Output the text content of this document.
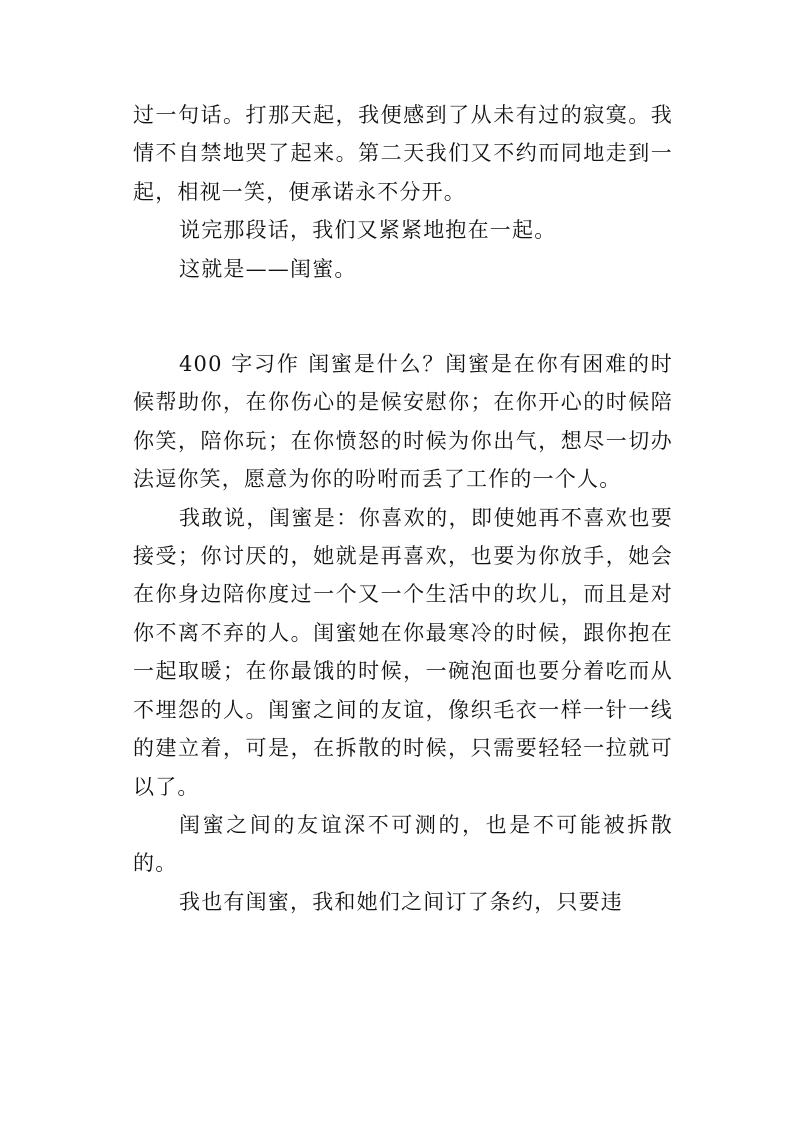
过一句话。打那天起，我便感到了从未有过的寂寞。我情不自禁地哭了起来。第二天我们又不约而同地走到一起，相视一笑，便承诺永不分开。

说完那段话，我们又紧紧地抱在一起。

这就是——闺蜜。

400 字习作 闺蜜是什么？闺蜜是在你有困难的时候帮助你，在你伤心的是候安慰你；在你开心的时候陪你笑，陪你玩；在你愤怒的时候为你出气，想尽一切办法逗你笑，愿意为你的吩咐而丢了工作的一个人。

我敢说，闺蜜是：你喜欢的，即使她再不喜欢也要接受；你讨厌的，她就是再喜欢，也要为你放手，她会在你身边陪你度过一个又一个生活中的坎儿，而且是对你不离不弃的人。闺蜜她在你最寒冷的时候，跟你抱在一起取暖；在你最饿的时候，一碗泡面也要分着吃而从不埋怨的人。闺蜜之间的友谊，像织毛衣一样一针一线的建立着，可是，在拆散的时候，只需要轻轻一拉就可以了。

闺蜜之间的友谊深不可测的，也是不可能被拆散的。

我也有闺蜜，我和她们之间订了条约，只要违
